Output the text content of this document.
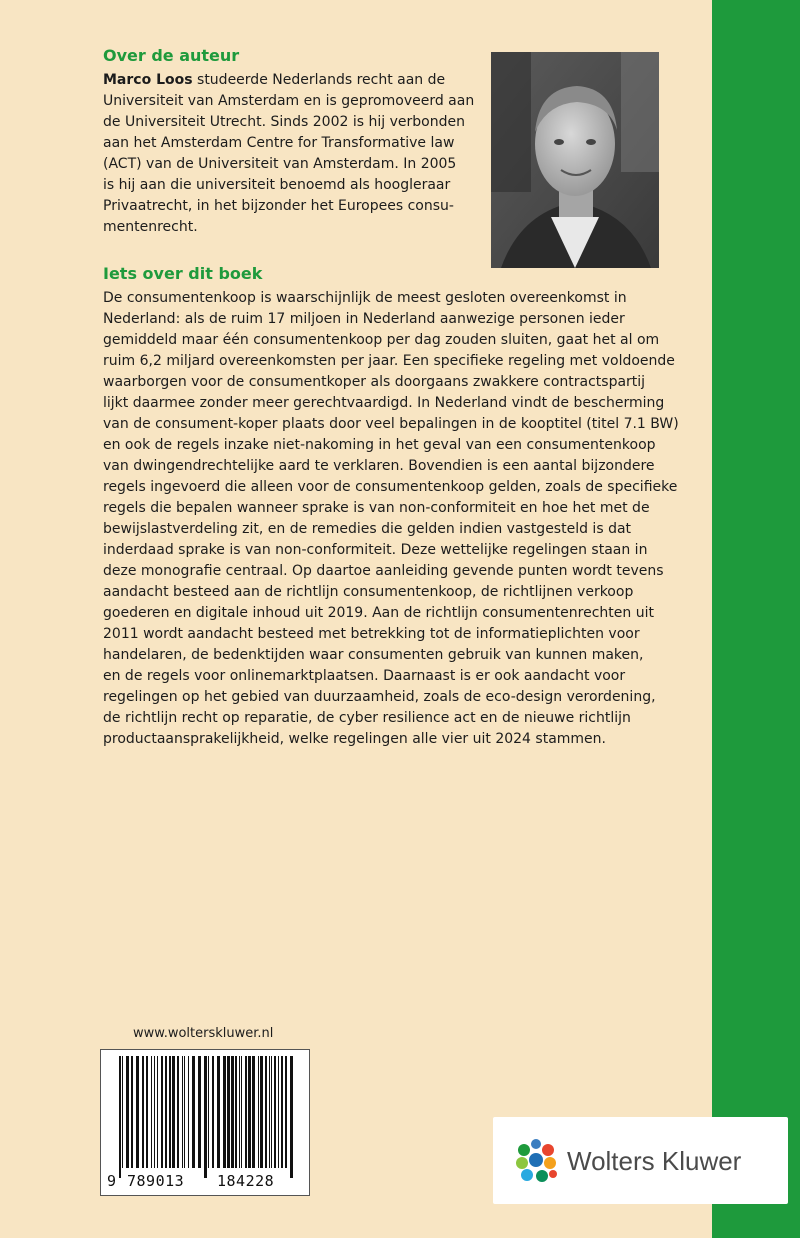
Over de auteur
Marco Loos studeerde Nederlands recht aan de
Universiteit van Amsterdam en is gepromoveerd aan
de Universiteit Utrecht. Sinds 2002 is hij verbonden
aan het Amsterdam Centre for Transformative law
(ACT) van de Universiteit van Amsterdam. In 2005
is hij aan die universiteit benoemd als hoogleraar
Privaatrecht, in het bijzonder het Europees consu-
mentenrecht.
Iets over dit boek
De consumentenkoop is waarschijnlijk de meest gesloten overeenkomst in
Nederland: als de ruim 17 miljoen in Nederland aanwezige personen ieder
gemiddeld maar één consumentenkoop per dag zouden sluiten, gaat het al om
ruim 6,2 miljard overeenkomsten per jaar. Een specifieke regeling met voldoende
waarborgen voor de consumentkoper als doorgaans zwakkere contractspartij
lijkt daarmee zonder meer gerechtvaardigd. In Nederland vindt de bescherming
van de consument-koper plaats door veel bepalingen in de kooptitel (titel 7.1 BW)
en ook de regels inzake niet-nakoming in het geval van een consumentenkoop
van dwingendrechtelijke aard te verklaren. Bovendien is een aantal bijzondere
regels ingevoerd die alleen voor de consumentenkoop gelden, zoals de specifieke
regels die bepalen wanneer sprake is van non-conformiteit en hoe het met de
bewijslastverdeling zit, en de remedies die gelden indien vastgesteld is dat
inderdaad sprake is van non-conformiteit. Deze wettelijke regelingen staan in
deze monografie centraal. Op daartoe aanleiding gevende punten wordt tevens
aandacht besteed aan de richtlijn consumentenkoop, de richtlijnen verkoop
goederen en digitale inhoud uit 2019. Aan de richtlijn consumentenrechten uit
2011 wordt aandacht besteed met betrekking tot de informatieplichten voor
handelaren, de bedenktijden waar consumenten gebruik van kunnen maken,
en de regels voor onlinemarktplaatsen. Daarnaast is er ook aandacht voor
regelingen op het gebied van duurzaamheid, zoals de eco-design verordening,
de richtlijn recht op reparatie, de cyber resilience act en de nieuwe richtlijn
productaansprakelijkheid, welke regelingen alle vier uit 2024 stammen.
www.wolterskluwer.nl
9 789013 184228
Wolters Kluwer
